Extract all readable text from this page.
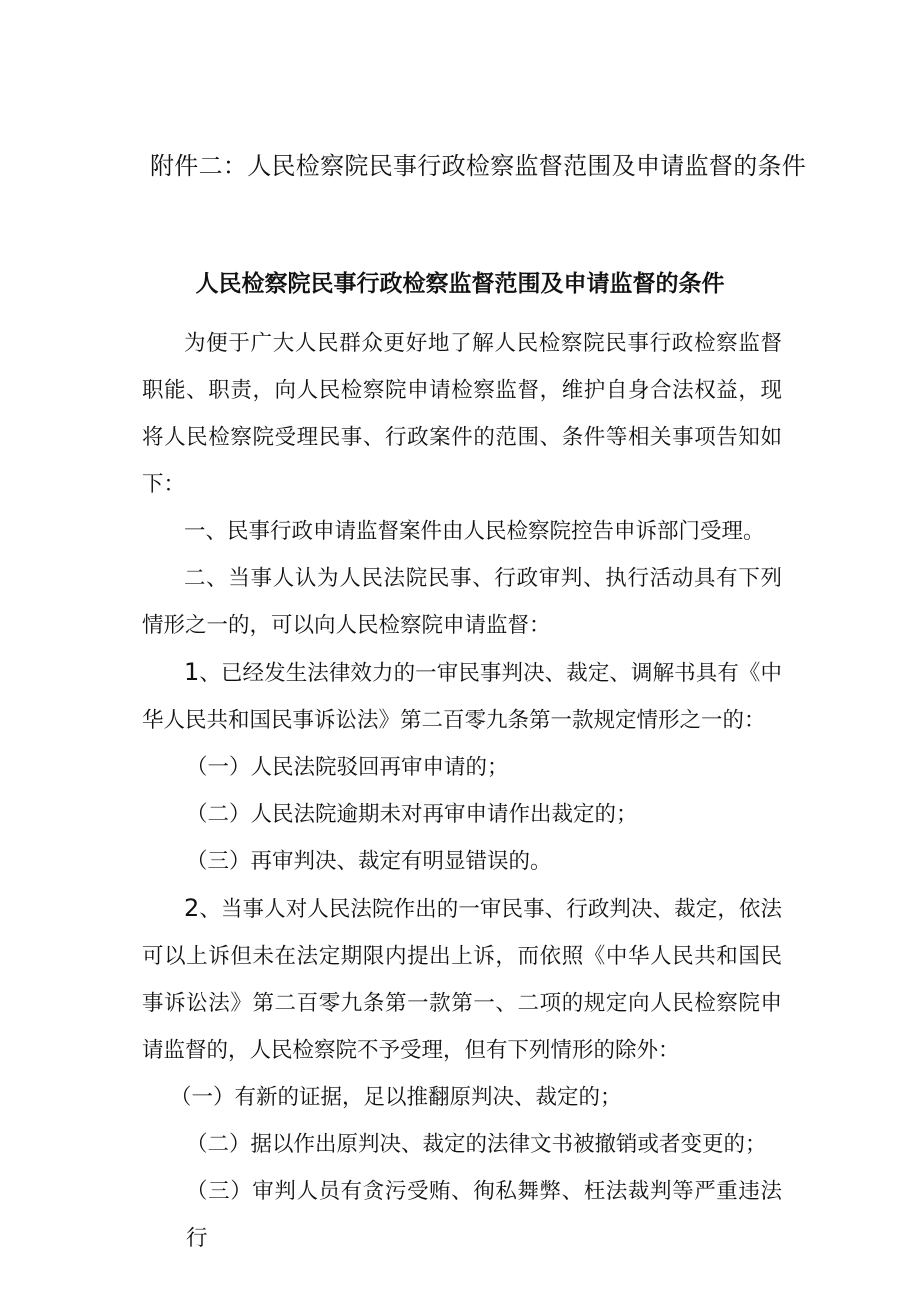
附件二：人民检察院民事行政检察监督范围及申请监督的条件
人民检察院民事行政检察监督范围及申请监督的条件

为便于广大人民群众更好地了解人民检察院民事行政检察监督职能、职责，向人民检察院申请检察监督，维护自身合法权益，现将人民检察院受理民事、行政案件的范围、条件等相关事项告知如下：

一、民事行政申请监督案件由人民检察院控告申诉部门受理。

二、当事人认为人民法院民事、行政审判、执行活动具有下列情形之一的，可以向人民检察院申请监督：

1、已经发生法律效力的一审民事判决、裁定、调解书具有《中华人民共和国民事诉讼法》第二百零九条第一款规定情形之一的：

（一）人民法院驳回再审申请的；

（二）人民法院逾期未对再审申请作出裁定的；

（三）再审判决、裁定有明显错误的。

2、当事人对人民法院作出的一审民事、行政判决、裁定，依法可以上诉但未在法定期限内提出上诉，而依照《中华人民共和国民事诉讼法》第二百零九条第一款第一、二项的规定向人民检察院申请监督的，人民检察院不予受理，但有下列情形的除外：

（一）有新的证据，足以推翻原判决、裁定的；

（二）据以作出原判决、裁定的法律文书被撤销或者变更的；

（三）审判人员有贪污受贿、徇私舞弊、枉法裁判等严重违法行
